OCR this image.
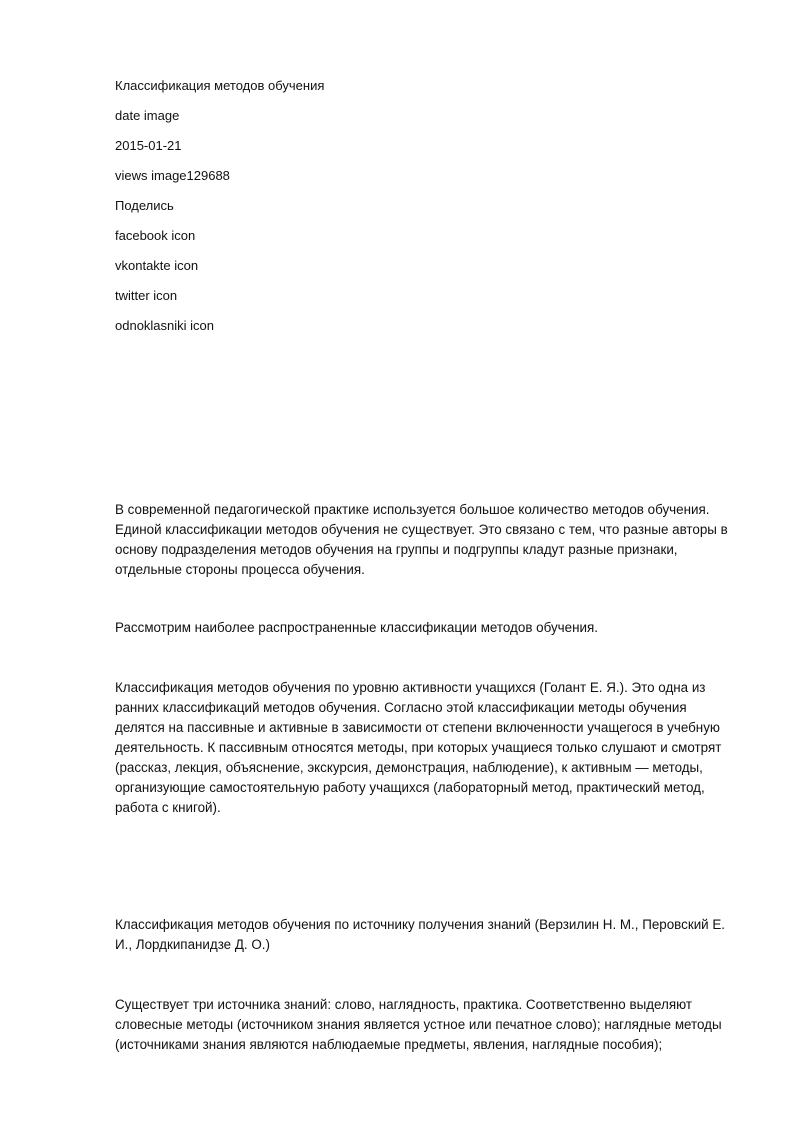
Классификация методов обучения
date image
2015-01-21
views image129688
Поделись
facebook icon
vkontakte icon
twitter icon
odnoklasniki icon

В современной педагогической практике используется большое количество методов обучения. Единой классификации методов обучения не существует. Это связано с тем, что разные авторы в основу подразделения методов обучения на группы и подгруппы кладут разные признаки, отдельные стороны процесса обучения.

Рассмотрим наиболее распространенные классификации методов обучения.

Классификация методов обучения по уровню активности учащихся (Голант Е. Я.). Это одна из ранних классификаций методов обучения. Согласно этой классификации методы обучения делятся на пассивные и активные в зависимости от степени включенности учащегося в учебную деятельность. К пассивным относятся методы, при которых учащиеся только слушают и смотрят (рассказ, лекция, объяснение, экскурсия, демонстрация, наблюдение), к активным — методы, организующие самостоятельную работу учащихся (лабораторный метод, практический метод, работа с книгой).

Классификация методов обучения по источнику получения знаний (Верзилин Н. М., Перовский Е. И., Лордкипанидзе Д. О.)

Существует три источника знаний: слово, наглядность, практика. Соответственно выделяют словесные методы (источником знания является устное или печатное слово); наглядные методы (источниками знания являются наблюдаемые предметы, явления, наглядные пособия);
